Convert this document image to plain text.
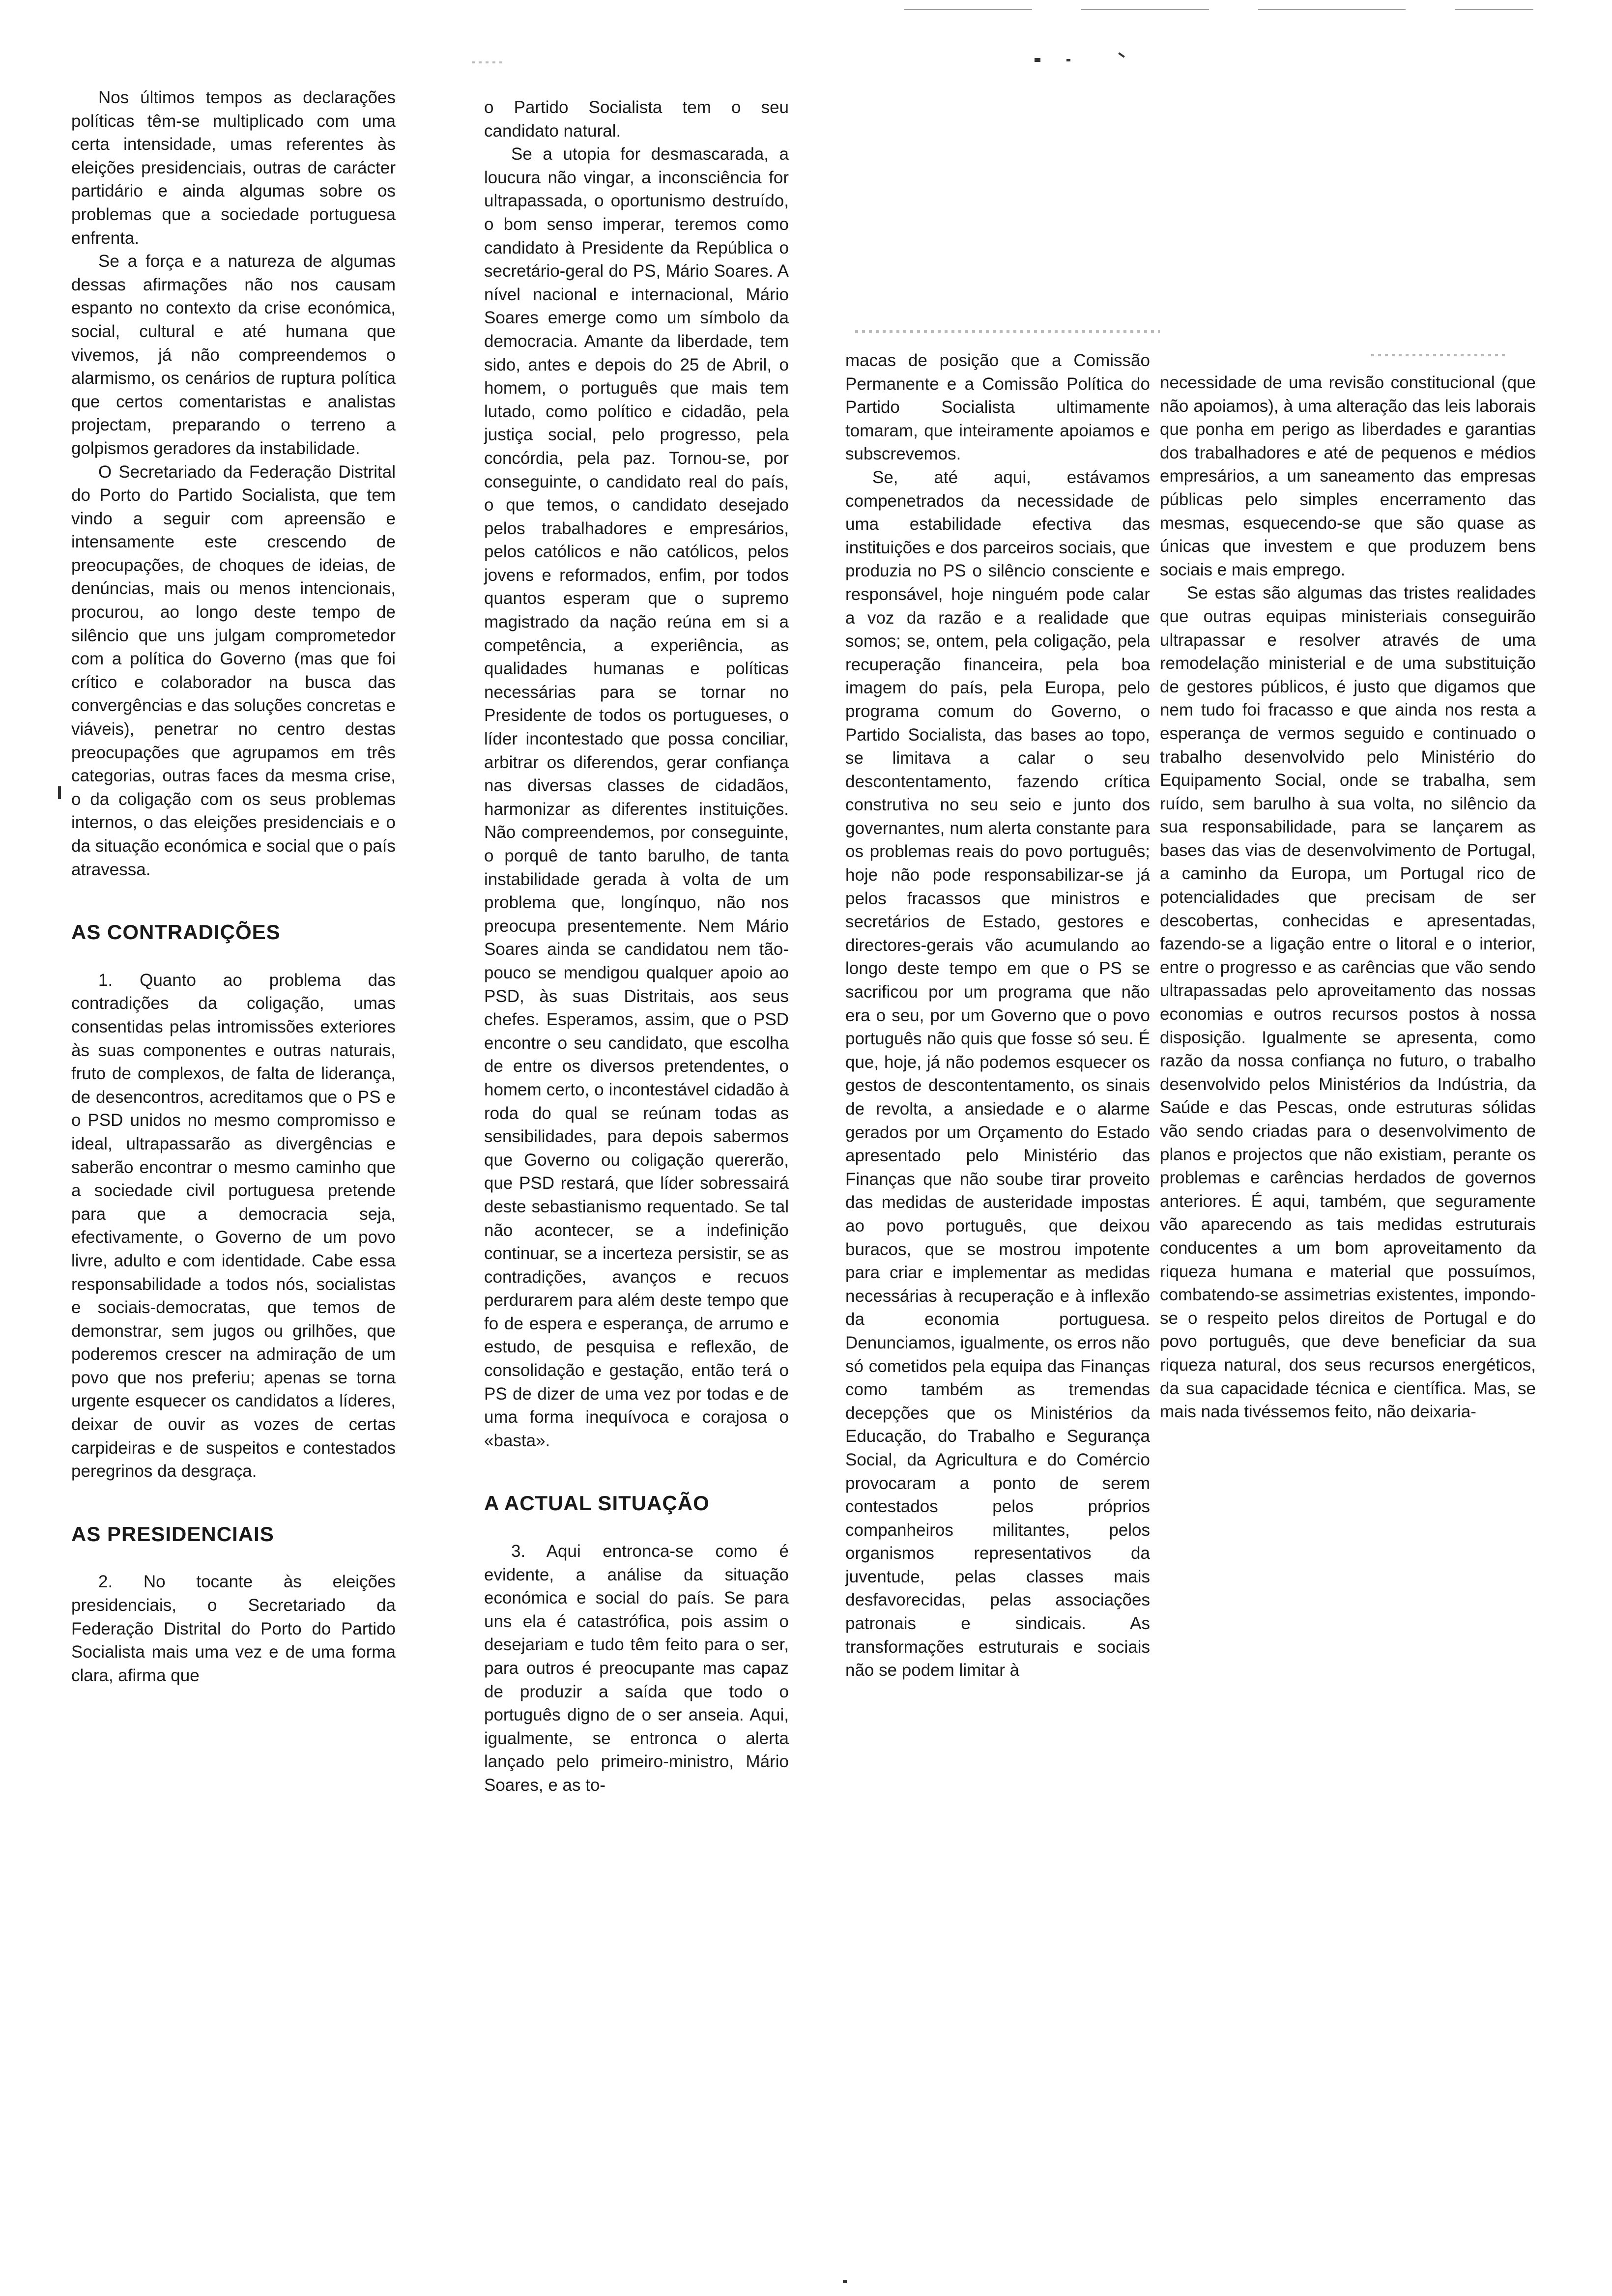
Nos últimos tempos as declarações políticas têm-se multiplicado com uma certa intensidade, umas referentes às eleições presidenciais, outras de carácter partidário e ainda algumas sobre os problemas que a sociedade portuguesa enfrenta.

Se a força e a natureza de algumas dessas afirmações não nos causam espanto no contexto da crise económica, social, cultural e até humana que vivemos, já não compreendemos o alarmismo, os cenários de ruptura política que certos comentaristas e analistas projectam, preparando o terreno a golpismos geradores da instabilidade.

O Secretariado da Federação Distrital do Porto do Partido Socialista, que tem vindo a seguir com apreensão e intensamente este crescendo de preocupações, de choques de ideias, de denúncias, mais ou menos intencionais, procurou, ao longo deste tempo de silêncio que uns julgam comprometedor com a política do Governo (mas que foi crítico e colaborador na busca das convergências e das soluções concretas e viáveis), penetrar no centro destas preocupações que agrupamos em três categorias, outras faces da mesma crise, o da coligação com os seus problemas internos, o das eleições presidenciais e o da situação económica e social que o país atravessa.

AS CONTRADIÇÕES

1. Quanto ao problema das contradições da coligação, umas consentidas pelas intromissões exteriores às suas componentes e outras naturais, fruto de complexos, de falta de liderança, de desencontros, acreditamos que o PS e o PSD unidos no mesmo compromisso e ideal, ultrapassarão as divergências e saberão encontrar o mesmo caminho que a sociedade civil portuguesa pretende para que a democracia seja, efectivamente, o Governo de um povo livre, adulto e com identidade. Cabe essa responsabilidade a todos nós, socialistas e sociais-democratas, que temos de demonstrar, sem jugos ou grilhões, que poderemos crescer na admiração de um povo que nos preferiu; apenas se torna urgente esquecer os candidatos a líderes, deixar de ouvir as vozes de certas carpideiras e de suspeitos e contestados peregrinos da desgraça.

AS PRESIDENCIAIS

2. No tocante às eleições presidenciais, o Secretariado da Federação Distrital do Porto do Partido Socialista mais uma vez e de uma forma clara, afirma que

o Partido Socialista tem o seu candidato natural.

Se a utopia for desmascarada, a loucura não vingar, a inconsciência for ultrapassada, o oportunismo destruído, o bom senso imperar, teremos como candidato à Presidente da República o secretário-geral do PS, Mário Soares. A nível nacional e internacional, Mário Soares emerge como um símbolo da democracia. Amante da liberdade, tem sido, antes e depois do 25 de Abril, o homem, o português que mais tem lutado, como político e cidadão, pela justiça social, pelo progresso, pela concórdia, pela paz. Tornou-se, por conseguinte, o candidato real do país, o que temos, o candidato desejado pelos trabalhadores e empresários, pelos católicos e não católicos, pelos jovens e reformados, enfim, por todos quantos esperam que o supremo magistrado da nação reúna em si a competência, a experiência, as qualidades humanas e políticas necessárias para se tornar no Presidente de todos os portugueses, o líder incontestado que possa conciliar, arbitrar os diferendos, gerar confiança nas diversas classes de cidadãos, harmonizar as diferentes instituições. Não compreendemos, por conseguinte, o porquê de tanto barulho, de tanta instabilidade gerada à volta de um problema que, longínquo, não nos preocupa presentemente. Nem Mário Soares ainda se candidatou nem tão-pouco se mendigou qualquer apoio ao PSD, às suas Distritais, aos seus chefes. Esperamos, assim, que o PSD encontre o seu candidato, que escolha de entre os diversos pretendentes, o homem certo, o incontestável cidadão à roda do qual se reúnam todas as sensibilidades, para depois sabermos que Governo ou coligação quererão, que PSD restará, que líder sobressairá deste sebastianismo requentado. Se tal não acontecer, se a indefinição continuar, se a incerteza persistir, se as contradições, avanços e recuos perdurarem para além deste tempo que fo de espera e esperança, de arrumo e estudo, de pesquisa e reflexão, de consolidação e gestação, então terá o PS de dizer de uma vez por todas e de uma forma inequívoca e corajosa o «basta».

A ACTUAL SITUAÇÃO

3. Aqui entronca-se como é evidente, a análise da situação económica e social do país. Se para uns ela é catastrófica, pois assim o desejariam e tudo têm feito para o ser, para outros é preocupante mas capaz de produzir a saída que todo o português digno de o ser anseia. Aqui, igualmente, se entronca o alerta lançado pelo primeiro-ministro, Mário Soares, e as to-

macas de posição que a Comissão Permanente e a Comissão Política do Partido Socialista ultimamente tomaram, que inteiramente apoiamos e subscrevemos.

Se, até aqui, estávamos compenetrados da necessidade de uma estabilidade efectiva das instituições e dos parceiros sociais, que produzia no PS o silêncio consciente e responsável, hoje ninguém pode calar a voz da razão e a realidade que somos; se, ontem, pela coligação, pela recuperação financeira, pela boa imagem do país, pela Europa, pelo programa comum do Governo, o Partido Socialista, das bases ao topo, se limitava a calar o seu descontentamento, fazendo crítica construtiva no seu seio e junto dos governantes, num alerta constante para os problemas reais do povo português; hoje não pode responsabilizar-se já pelos fracassos que ministros e secretários de Estado, gestores e directores-gerais vão acumulando ao longo deste tempo em que o PS se sacrificou por um programa que não era o seu, por um Governo que o povo português não quis que fosse só seu. É que, hoje, já não podemos esquecer os gestos de descontentamento, os sinais de revolta, a ansiedade e o alarme gerados por um Orçamento do Estado apresentado pelo Ministério das Finanças que não soube tirar proveito das medidas de austeridade impostas ao povo português, que deixou buracos, que se mostrou impotente para criar e implementar as medidas necessárias à recuperação e à inflexão da economia portuguesa. Denunciamos, igualmente, os erros não só cometidos pela equipa das Finanças como também as tremendas decepções que os Ministérios da Educação, do Trabalho e Segurança Social, da Agricultura e do Comércio provocaram a ponto de serem contestados pelos próprios companheiros militantes, pelos organismos representativos da juventude, pelas classes mais desfavorecidas, pelas associações patronais e sindicais. As transformações estruturais e sociais não se podem limitar à

necessidade de uma revisão constitucional (que não apoiamos), à uma alteração das leis laborais que ponha em perigo as liberdades e garantias dos trabalhadores e até de pequenos e médios empresários, a um saneamento das empresas públicas pelo simples encerramento das mesmas, esquecendo-se que são quase as únicas que investem e que produzem bens sociais e mais emprego.

Se estas são algumas das tristes realidades que outras equipas ministeriais conseguirão ultrapassar e resolver através de uma remodelação ministerial e de uma substituição de gestores públicos, é justo que digamos que nem tudo foi fracasso e que ainda nos resta a esperança de vermos seguido e continuado o trabalho desenvolvido pelo Ministério do Equipamento Social, onde se trabalha, sem ruído, sem barulho à sua volta, no silêncio da sua responsabilidade, para se lançarem as bases das vias de desenvolvimento de Portugal, a caminho da Europa, um Portugal rico de potencialidades que precisam de ser descobertas, conhecidas e apresentadas, fazendo-se a ligação entre o litoral e o interior, entre o progresso e as carências que vão sendo ultrapassadas pelo aproveitamento das nossas economias e outros recursos postos à nossa disposição. Igualmente se apresenta, como razão da nossa confiança no futuro, o trabalho desenvolvido pelos Ministérios da Indústria, da Saúde e das Pescas, onde estruturas sólidas vão sendo criadas para o desenvolvimento de planos e projectos que não existiam, perante os problemas e carências herdados de governos anteriores. É aqui, também, que seguramente vão aparecendo as tais medidas estruturais conducentes a um bom aproveitamento da riqueza humana e material que possuímos, combatendo-se assimetrias existentes, impondo-se o respeito pelos direitos de Portugal e do povo português, que deve beneficiar da sua riqueza natural, dos seus recursos energéticos, da sua capacidade técnica e científica. Mas, se mais nada tivéssemos feito, não deixaria-
